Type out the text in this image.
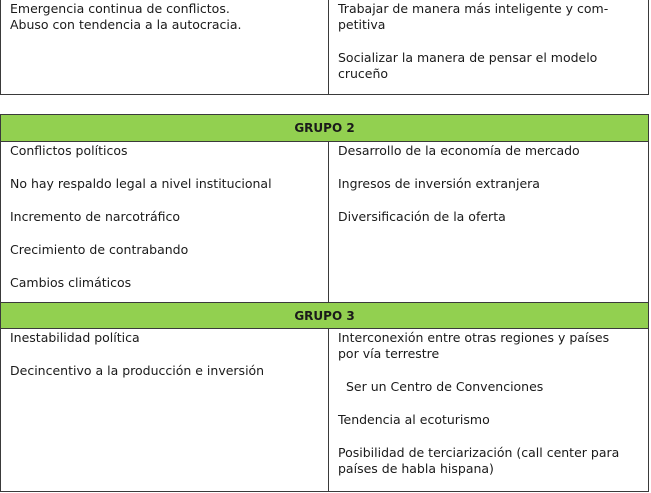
Emergencia continua de conflictos.

Abuso con tendencia a la autocracia.

Trabajar de manera más inteligente y com-

petitiva

Socializar la manera de pensar el modelo

cruceño

GRUPO 2

Conflictos políticos

No hay respaldo legal a nivel institucional

Incremento de narcotráfico

Crecimiento de contrabando

Cambios climáticos

Desarrollo de la economía de mercado

Ingresos de inversión extranjera

Diversificación de la oferta

GRUPO 3

Inestabilidad política

Decincentivo a la producción e inversión

Interconexión entre otras regiones y países

por vía terrestre

Ser un Centro de Convenciones

Tendencia al ecoturismo

Posibilidad de terciarización (call center para

países de habla hispana)
